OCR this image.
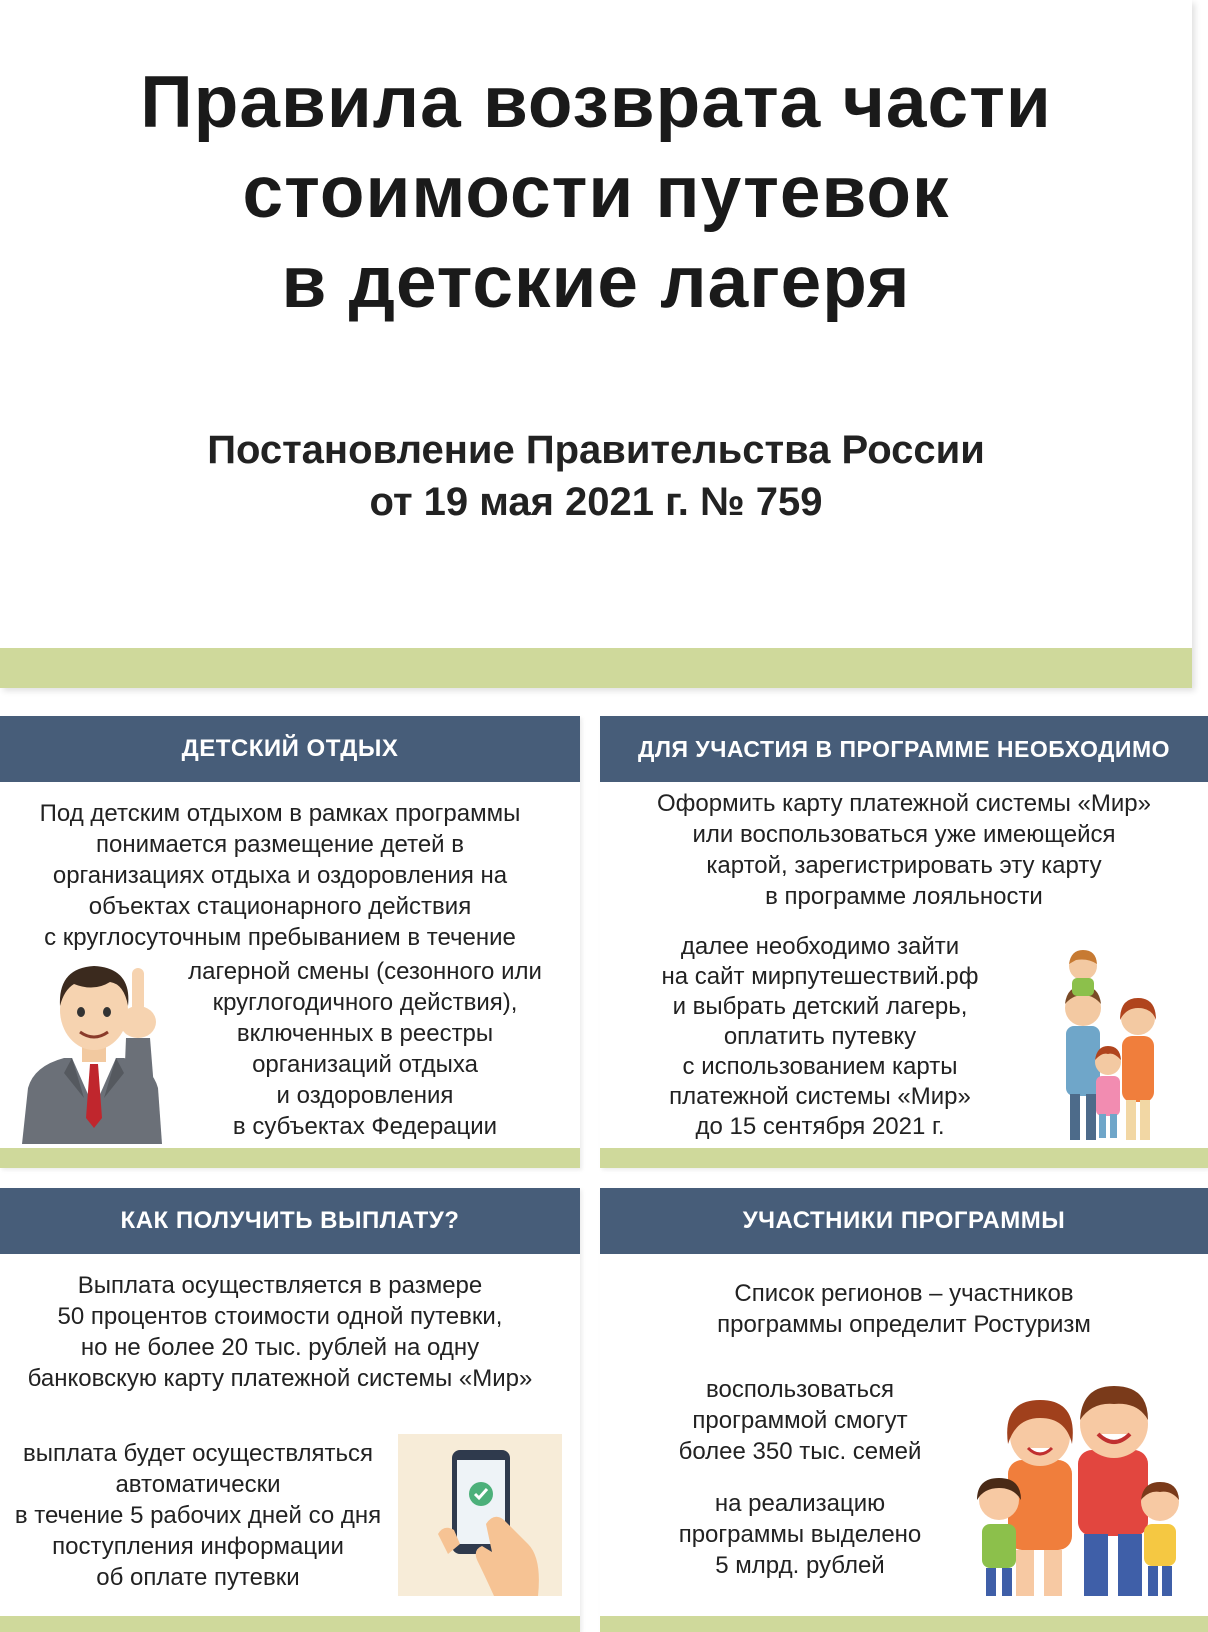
Правила возврата части
стоимости путевок
в детские лагеря
Постановление Правительства России
от 19 мая 2021 г. № 759
ДЕТСКИЙ ОТДЫХ
Под детским отдыхом в рамках программы
понимается размещение детей в
организациях отдыха и оздоровления на
объектах стационарного действия
с круглосуточным пребыванием в течение
лагерной смены (сезонного или
круглогодичного действия),
включенных в реестры
организаций отдыха
и оздоровления
в субъектах Федерации
ДЛЯ УЧАСТИЯ В ПРОГРАММЕ НЕОБХОДИМО
Оформить карту платежной системы «Мир»
или воспользоваться уже имеющейся
картой, зарегистрировать эту карту
в программе лояльности
далее необходимо зайти
на сайт мирпутешествий.рф
и выбрать детский лагерь,
оплатить путевку
с использованием карты
платежной системы «Мир»
до 15 сентября 2021 г.
КАК ПОЛУЧИТЬ ВЫПЛАТУ?
Выплата осуществляется в размере
50 процентов стоимости одной путевки,
но не более 20 тыс. рублей на одну
банковскую карту платежной системы «Мир»
выплата будет осуществляться
автоматически
в течение 5 рабочих дней со дня
поступления информации
об оплате путевки
УЧАСТНИКИ ПРОГРАММЫ
Список регионов – участников
программы определит Ростуризм
воспользоваться
программой смогут
более 350 тыс. семей
на реализацию
программы выделено
5 млрд. рублей
